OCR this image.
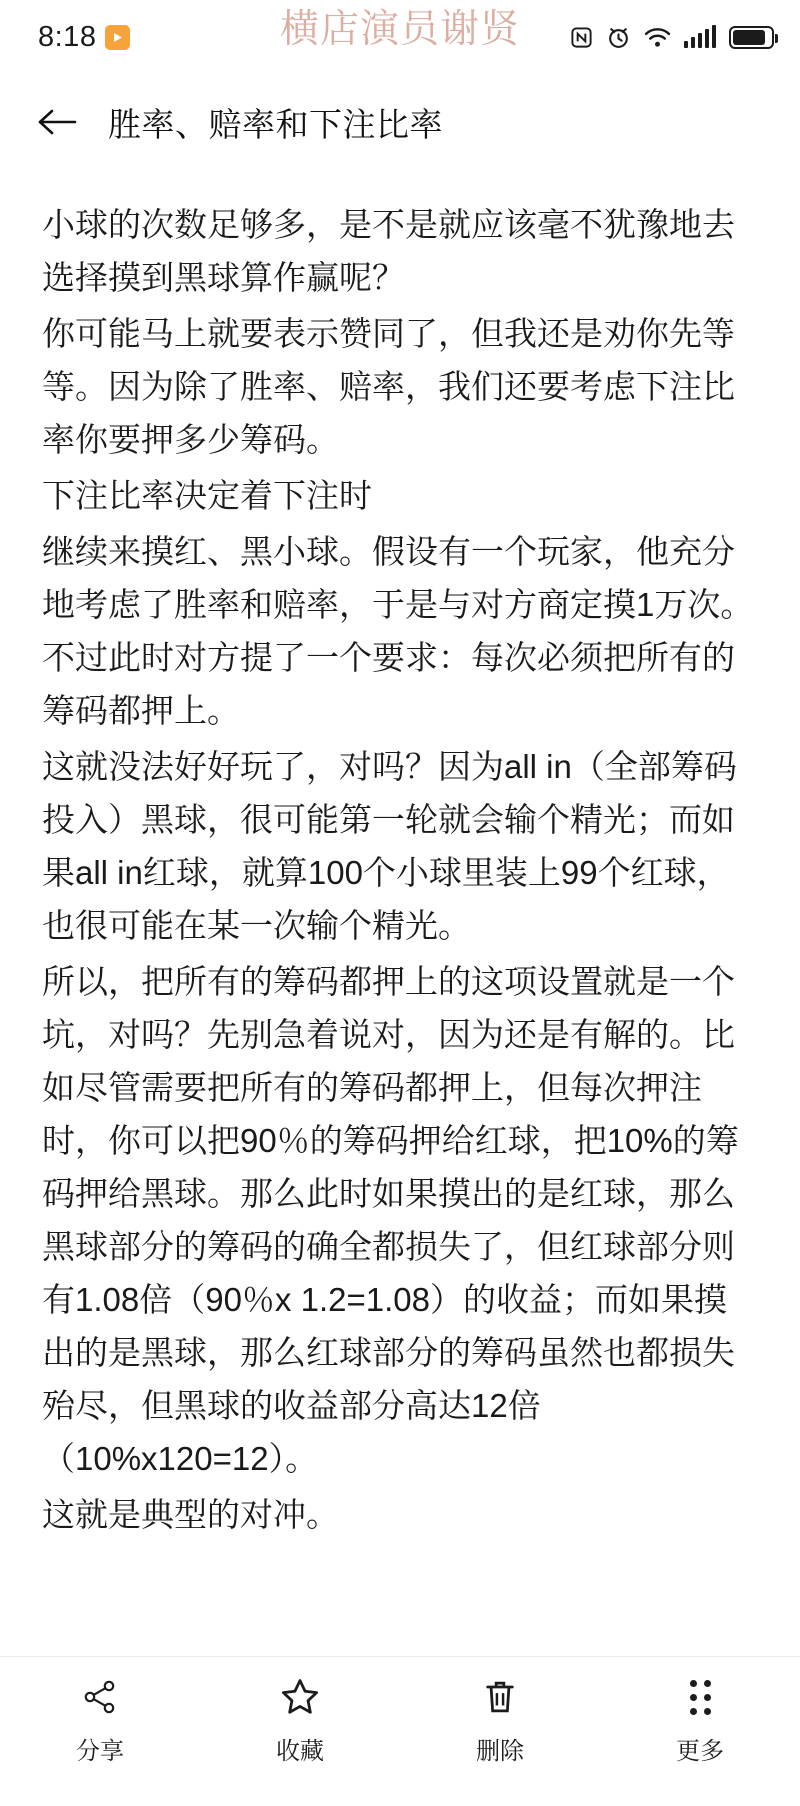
横店演员谢贤
8:18
胜率、赔率和下注比率

小球的次数足够多，是不是就应该毫不犹豫地去选择摸到黑球算作赢呢？

你可能马上就要表示赞同了，但我还是劝你先等等。因为除了胜率、赔率，我们还要考虑下注比率你要押多少筹码。

下注比率决定着下注时

继续来摸红、黑小球。假设有一个玩家，他充分地考虑了胜率和赔率，于是与对方商定摸1万次。不过此时对方提了一个要求：每次必须把所有的筹码都押上。

这就没法好好玩了，对吗？因为all in（全部筹码投入）黑球，很可能第一轮就会输个精光；而如果all in红球，就算100个小球里装上99个红球，也很可能在某一次输个精光。

所以，把所有的筹码都押上的这项设置就是一个坑，对吗？先别急着说对，因为还是有解的。比如尽管需要把所有的筹码都押上，但每次押注时，你可以把90％的筹码押给红球，把10%的筹码押给黑球。那么此时如果摸出的是红球，那么黑球部分的筹码的确全都损失了，但红球部分则有1.08倍（90％x 1.2=1.08）的收益；而如果摸出的是黑球，那么红球部分的筹码虽然也都损失殆尽，但黑球的收益部分高达12倍（10%x120=12）。

这就是典型的对冲。

分享	收藏	删除	更多
